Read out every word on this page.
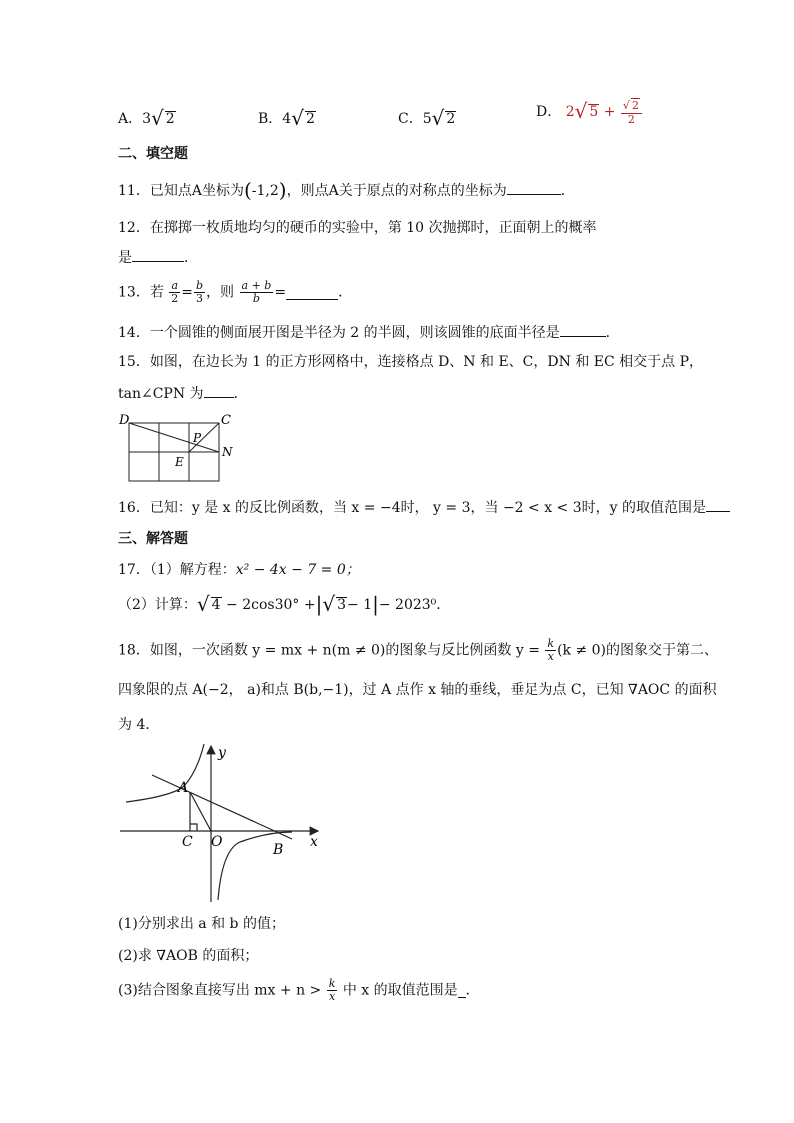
A．3√ 2	B．4√ 2	C．5√ 2	D． 2√ $5 + \frac{√ 2}{2}$
二、填空题
11．已知点A坐标为(-1,2)，则点A关于原点的对称点的坐标为	．
12．在掷掷一枚质地均匀的硬币的实验中，第 10 次抛掷时，正面朝上的概率
是	．
13．若 $\frac{a}{2} = \frac{b}{3}$ ，则 $\frac{a + b}{b}$ =	．
14．一个圆锥的侧面展开图是半径为 2 的半圆，则该圆锥的底面半径是	．
15．如图，在边长为 1 的正方形网格中，连接格点 D、N 和 E、C，DN 和 EC 相交于点 P，
tan∠CPN 为 ．
D	C
P
E
N
16．已知：y 是 x 的反比例函数，当 x = −4时， y = 3，当 −2 < x < 3时，y 的取值范围是
三、解答题
17．（1）解方程：x² − 4x − 7 = 0；
（2）计算：√ 4 − 2cos30° +|√ 3− 1|− 2023⁰．
18．如图，一次函数 y = mx + n(m ≠ 0)的图象与反比例函数 $y = \frac{k}{x} (k \ne 0)$的图象交于第二、
四象限的点 A(−2， a)和点 B(b,−1)，过 A 点作 x 轴的垂线，垂足为点 C，已知 ∇AOC 的面积
为 4．
y
x
A
O
C	B
(1)分别求出 a 和 b 的值；
(2)求 ∇AOB 的面积；
(3)结合图象直接写出 mx + $n > \frac{k}{x}$ 中 x 的取值范围是 ．
